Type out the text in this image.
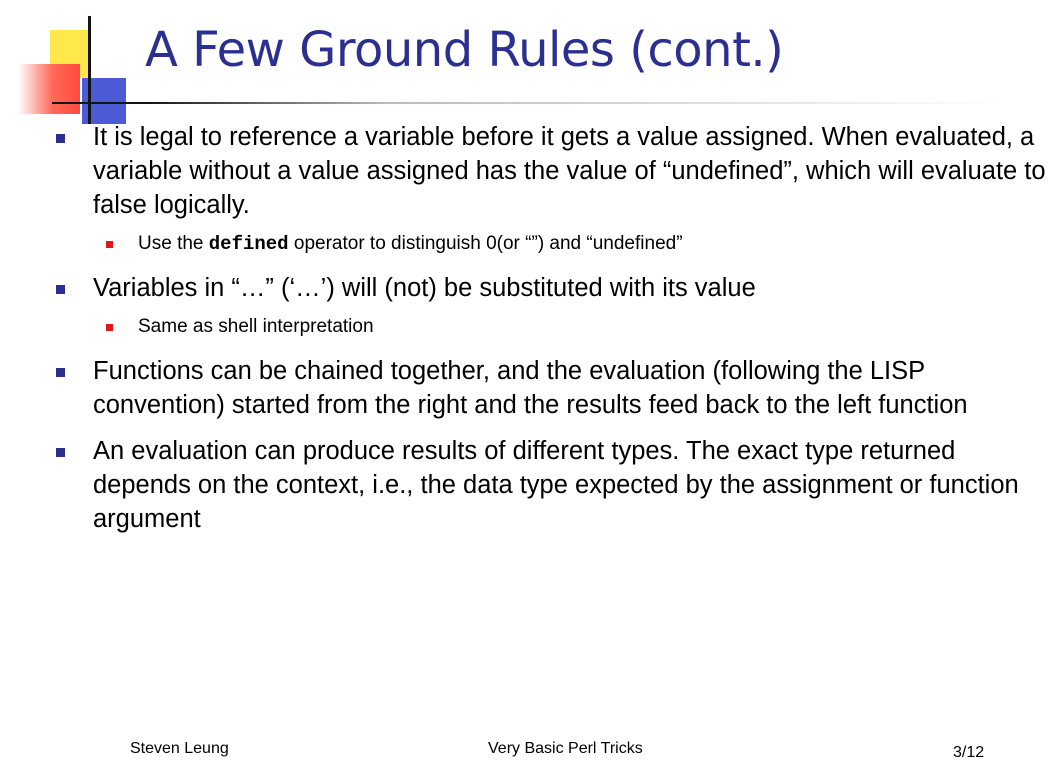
A Few Ground Rules (cont.)
It is legal to reference a variable before it gets a value assigned. When evaluated, a variable without a value assigned has the value of “undefined”, which will evaluate to false logically.
Use the defined operator to distinguish 0(or “”) and “undefined”
Variables in “…” (‘…’) will (not) be substituted with its value
Same as shell interpretation
Functions can be chained together, and the evaluation (following the LISP convention) started from the right and the results feed back to the left function
An evaluation can produce results of different types. The exact type returned depends on the context, i.e., the data type expected by the assignment or function argument
Steven Leung	Very Basic Perl Tricks	3/12
